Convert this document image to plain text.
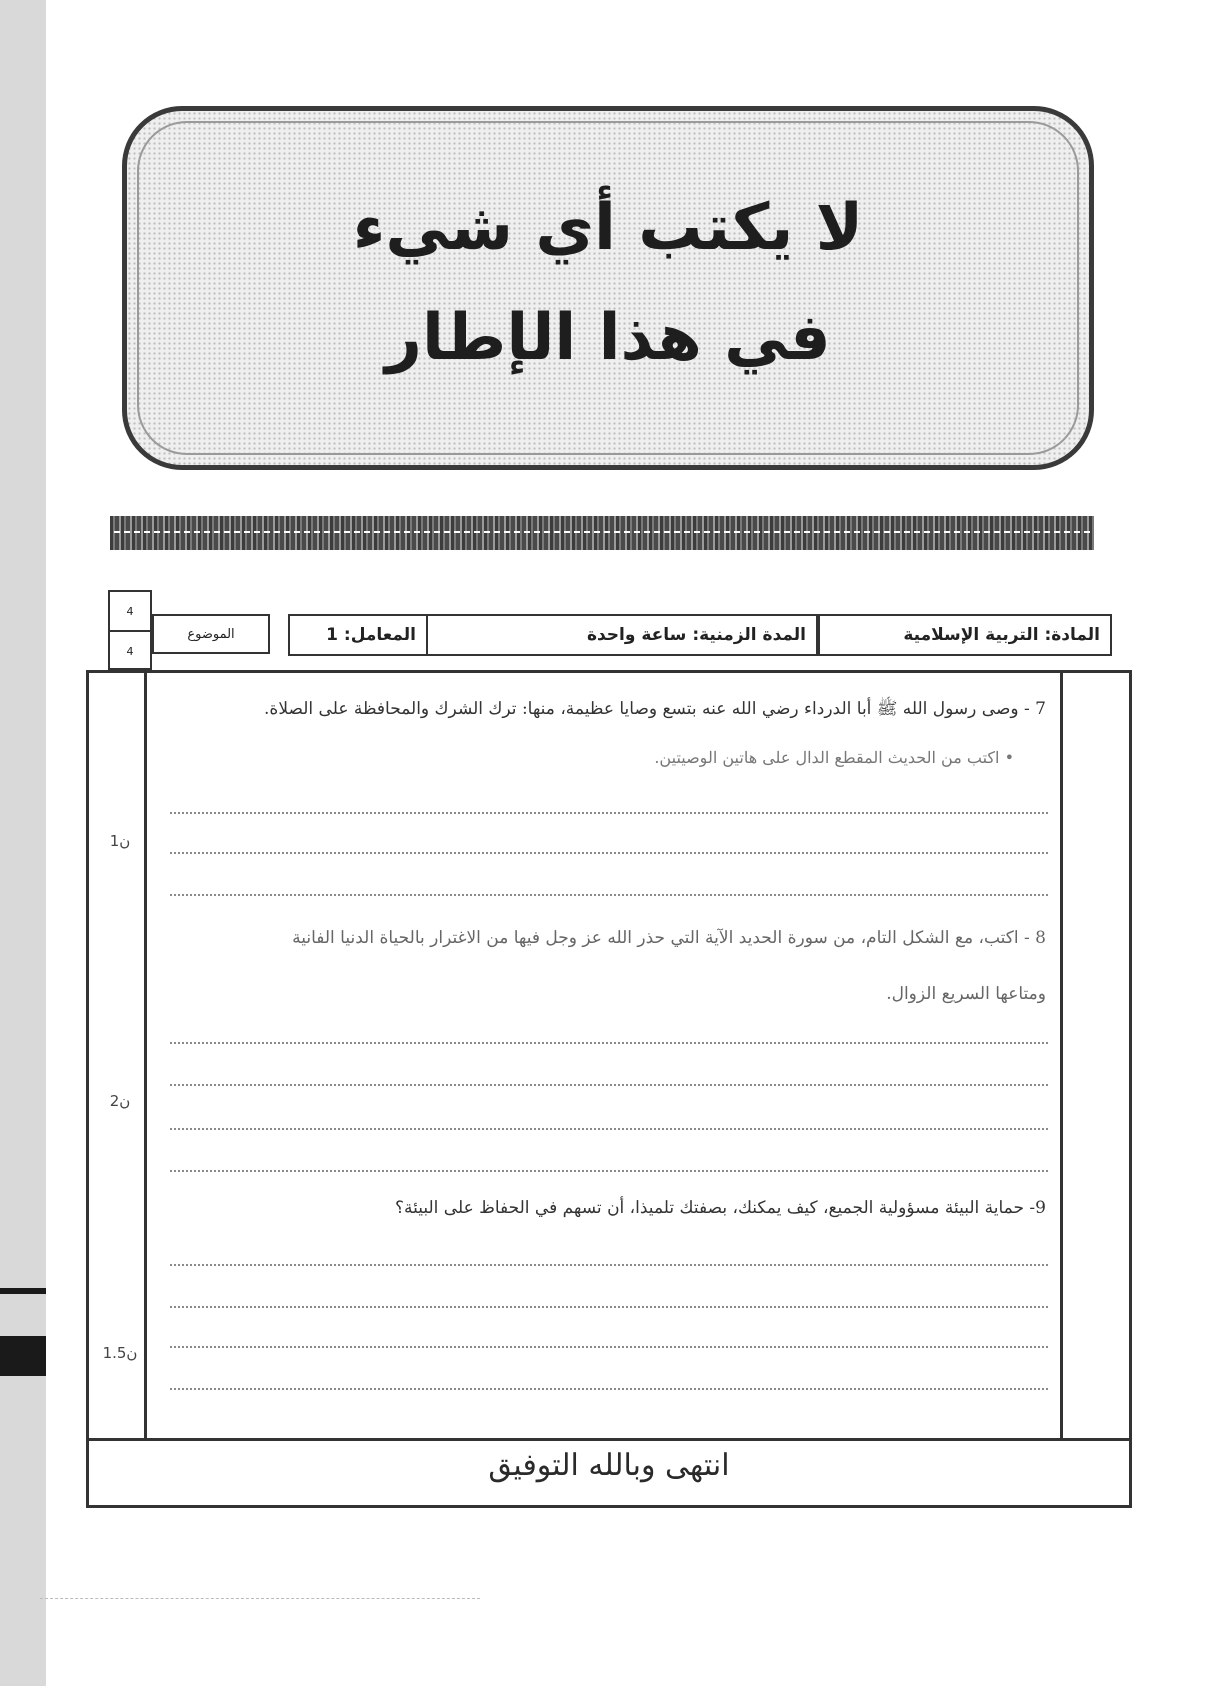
لا يكتب أي شيء
في هذا الإطار
4
4
الموضوع	المعامل: 1	المدة الزمنية: ساعة واحدة	المادة: التربية الإسلامية
7 - وصى رسول الله ﷺ أبا الدرداء رضي الله عنه بتسع وصايا عظيمة، منها: ترك الشرك والمحافظة على الصلاة.
• اكتب من الحديث المقطع الدال على هاتين الوصيتين.
1ن
8 - اكتب، مع الشكل التام، من سورة الحديد الآية التي حذر الله عز وجل فيها من الاغترار بالحياة الدنيا الفانية
ومتاعها السريع الزوال.
2ن
9- حماية البيئة مسؤولية الجميع، كيف يمكنك، بصفتك تلميذا، أن تسهم في الحفاظ على البيئة؟
1.5ن
انتهى وبالله التوفيق
